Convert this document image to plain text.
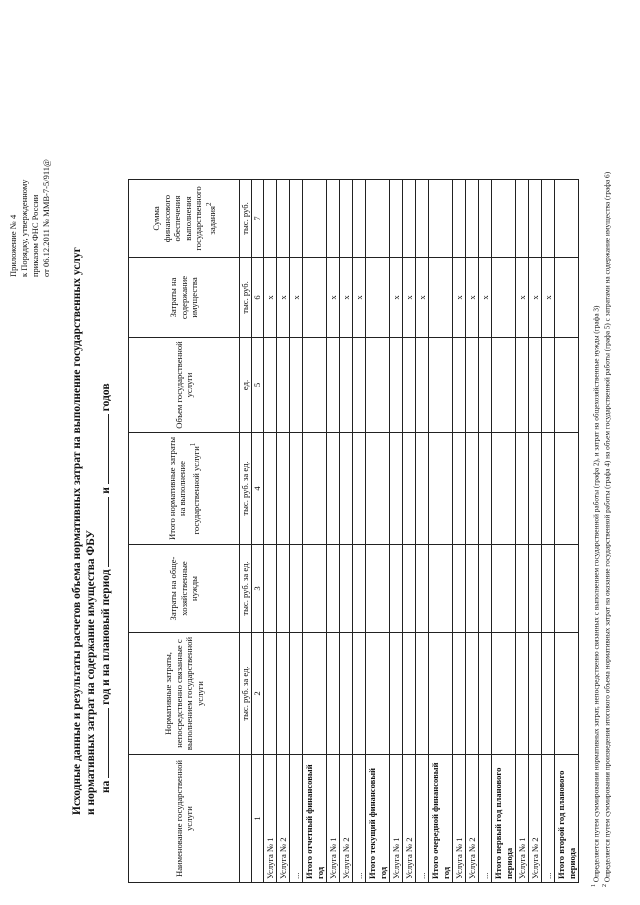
Приложение № 4 к Порядку, утвержденному приказом ФНС России от 06.12.2011 № ММВ-7-5/911@
Исходные данные и результаты расчетов объема нормативных затрат на выполнение государственных услуг и нормативных затрат на содержание имущества ФБУ на  год и на плановый период  и  годов
Наименование государственной услуги	Нормативные затраты, непосредственно связанные с выполнением государственной услуги	Затраты на обще-хозяйственные нужды	Итого нормативные затраты на выполнение государственной услуги$^1$	Объем государственной услуги	Затраты на содержание имущества	Сумма финансового обеспечения выполнения государственного задания$^2$
	тыс. руб. за ед.	тыс. руб. за ед.	тыс. руб. за ед.	ед.	тыс. руб.	тыс. руб.
1	2	3	4	5	6	7
Услуга № 1					x	
Услуга № 2					x	
...					x	
Итого отчетный финансовый год						
Услуга № 1					x	
Услуга № 2					x	
...					x	
Итого текущий финансовый год						
Услуга № 1					x	
Услуга № 2					x	
...					x	
Итого очередной финансовый год						
Услуга № 1					x	
Услуга № 2					x	
...					x	
Итого первый год планового периода						
Услуга № 1					x	
Услуга № 2					x	
...					x	
Итого второй год планового периода						
$^1$ Определяется путем суммирования нормативных затрат, непосредственно связанных с выполнением государственной работы (графа 2), и затрат на общехозяйственные нужды (графа 3)
$^2$ Определяется путем суммирования произведения итогового объема нормативных затрат на оказание государственной работы (графа 4) на объем государственной работы (графа 5) с затратами на содержание имущества (графа 6)
